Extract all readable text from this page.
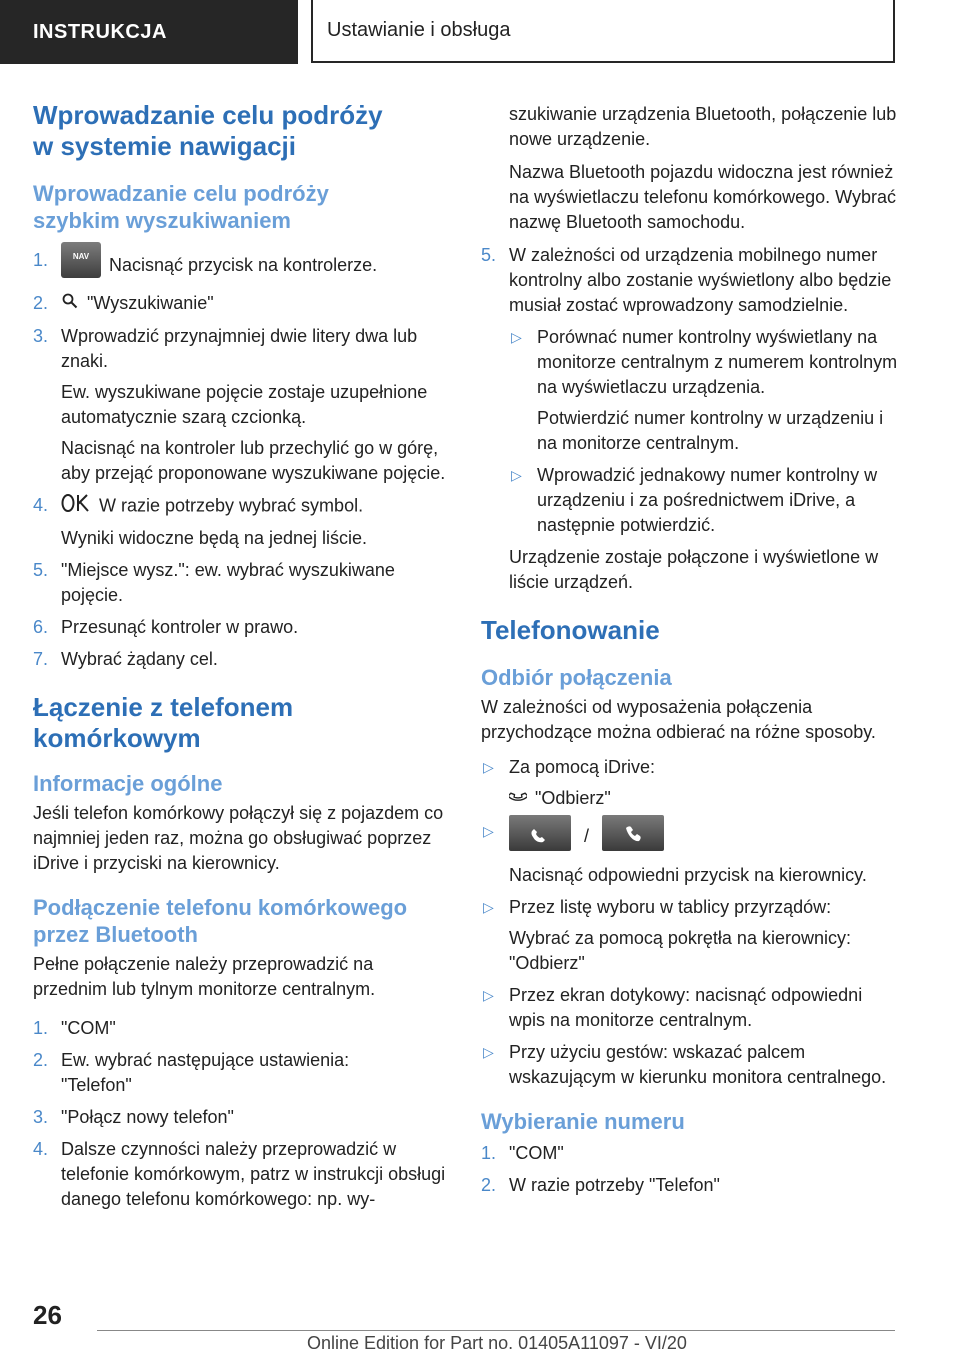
INSTRUKCJA	Ustawianie i obsługa
Wprowadzanie celu podróży w systemie nawigacji
Wprowadzanie celu podróży szybkim wyszukiwaniem
1.	NAV Nacisnąć przycisk na kontrolerze.
2. "Wyszukiwanie"
3. Wprowadzić przynajmniej dwie litery dwa lub znaki.
Ew. wyszukiwane pojęcie zostaje uzupełnione automatycznie szarą czcionką.
Nacisnąć na kontroler lub przechylić go w górę, aby przejąć proponowane wyszukiwane pojęcie.
4.	W razie potrzeby wybrać symbol.
Wyniki widoczne będą na jednej liście.
5. "Miejsce wysz.": ew. wybrać wyszukiwane pojęcie.
6. Przesunąć kontroler w prawo.
7. Wybrać żądany cel.
Łączenie z telefonem komórkowym
Informacje ogólne

Jeśli telefon komórkowy połączył się z pojazdem co najmniej jeden raz, można go obsługiwać poprzez iDrive i przyciski na kierownicy.

Podłączenie telefonu komórkowego przez Bluetooth

Pełne połączenie należy przeprowadzić na przednim lub tylnym monitorze centralnym.

1. "COM"
2. Ew. wybrać następujące ustawienia: "Telefon"
3. "Połącz nowy telefon"
4. Dalsze czynności należy przeprowadzić w telefonie komórkowym, patrz w instrukcji obsługi danego telefonu komórkowego: np. wy-

szukiwanie urządzenia Bluetooth, połączenie lub nowe urządzenie.

Nazwa Bluetooth pojazdu widoczna jest również na wyświetlaczu telefonu komórkowego. Wybrać nazwę Bluetooth samochodu.

5. W zależności od urządzenia mobilnego numer kontrolny albo zostanie wyświetlony albo będzie musiał zostać wprowadzony samodzielnie.
▷ Porównać numer kontrolny wyświetlany na monitorze centralnym z numerem kontrolnym na wyświetlaczu urządzenia.
Potwierdzić numer kontrolny w urządzeniu i na monitorze centralnym.
▷ Wprowadzić jednakowy numer kontrolny w urządzeniu i za pośrednictwem iDrive, a następnie potwierdzić.

Urządzenie zostaje połączone i wyświetlone w liście urządzeń.

Telefonowanie
Odbiór połączenia

W zależności od wyposażenia połączenia przychodzące można odbierać na różne sposoby.

▷ Za pomocą iDrive:
"Odbierz"
▷	/
Nacisnąć odpowiedni przycisk na kierownicy.
▷ Przez listę wyboru w tablicy przyrządów:
Wybrać za pomocą pokrętła na kierownicy: "Odbierz"
▷ Przez ekran dotykowy: nacisnąć odpowiedni wpis na monitorze centralnym.
▷ Przy użyciu gestów: wskazać palcem wskazującym w kierunku monitora centralnego.
Wybieranie numeru
1. "COM"
2. W razie potrzeby "Telefon"
26
Online Edition for Part no. 01405A11097 - VI/20
